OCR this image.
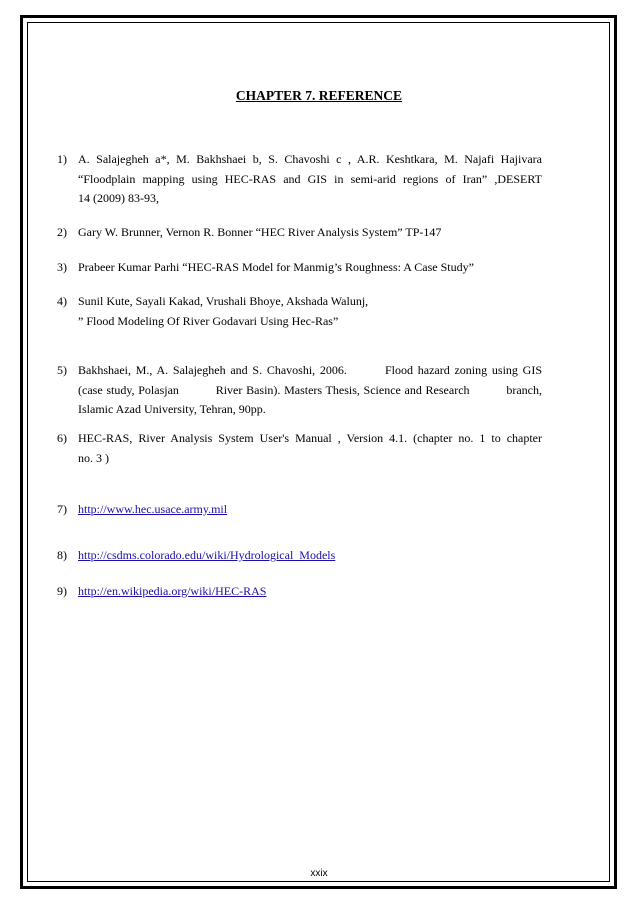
CHAPTER 7. REFERENCE
1) A. Salajegheh a*, M. Bakhshaei b, S. Chavoshi c , A.R. Keshtkara, M. Najafi Hajivara
“Floodplain mapping using HEC-RAS and GIS in semi-arid regions of Iran” ,DESERT
14 (2009) 83-93,
2) Gary W. Brunner, Vernon R. Bonner “HEC River Analysis System” TP-147
3) Prabeer Kumar Parhi “HEC-RAS Model for Manmig’s Roughness: A Case Study”
4) Sunil Kute, Sayali Kakad, Vrushali Bhoye, Akshada Walunj,
” Flood Modeling Of River Godavari Using Hec-Ras”
5) Bakhshaei, M., A. Salajegheh and S. Chavoshi, 2006.        Flood hazard zoning using GIS
(case study, Polasjan          River Basin). Masters Thesis, Science and Research          branch,
Islamic Azad University, Tehran, 90pp.
6) HEC-RAS, River Analysis System User's Manual , Version 4.1. (chapter no. 1 to chapter
no. 3 )
7) http://www.hec.usace.army.mil
8) http://csdms.colorado.edu/wiki/Hydrological_Models
9) http://en.wikipedia.org/wiki/HEC-RAS
xxix
